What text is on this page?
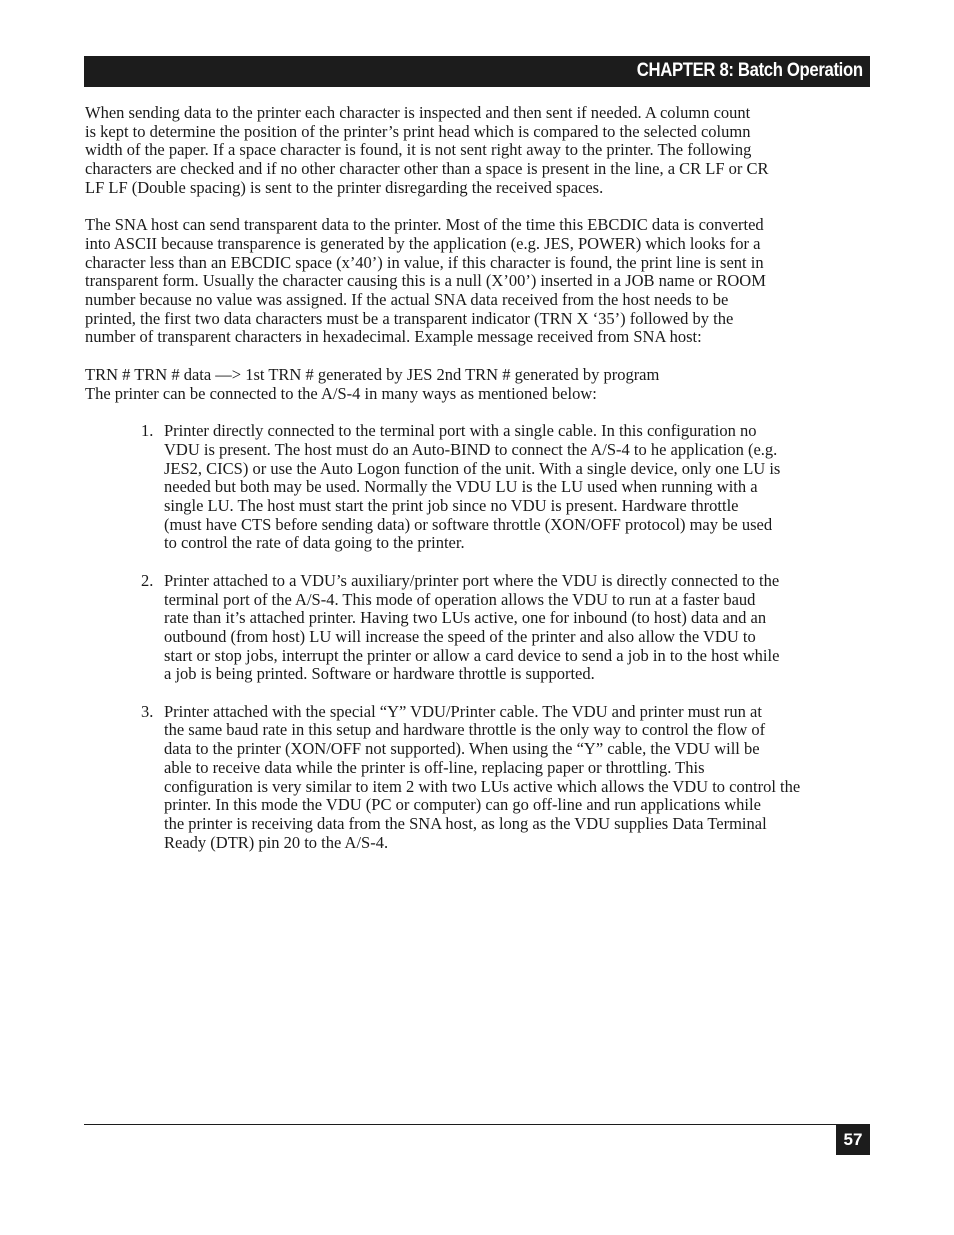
CHAPTER 8: Batch Operation

When sending data to the printer each character is inspected and then sent if needed. A column count
is kept to determine the position of the printer’s print head which is compared to the selected column
width of the paper. If a space character is found, it is not sent right away to the printer. The following
characters are checked and if no other character other than a space is present in the line, a CR LF or CR
LF LF (Double spacing) is sent to the printer disregarding the received spaces.

The SNA host can send transparent data to the printer. Most of the time this EBCDIC data is converted
into ASCII because transparence is generated by the application (e.g. JES, POWER) which looks for a
character less than an EBCDIC space (x’40’) in value, if this character is found, the print line is sent in
transparent form. Usually the character causing this is a null (X’00’) inserted in a JOB name or ROOM
number because no value was assigned. If the actual SNA data received from the host needs to be
printed, the first two data characters must be a transparent indicator (TRN X ‘35’) followed by the
number of transparent characters in hexadecimal. Example message received from SNA host:

TRN # TRN # data —> 1st TRN # generated by JES 2nd TRN # generated by program
The printer can be connected to the A/S-4 in many ways as mentioned below:
1. Printer directly connected to the terminal port with a single cable. In this configuration no
VDU is present. The host must do an Auto-BIND to connect the A/S-4 to he application (e.g.
JES2, CICS) or use the Auto Logon function of the unit. With a single device, only one LU is
needed but both may be used. Normally the VDU LU is the LU used when running with a
single LU. The host must start the print job since no VDU is present. Hardware throttle
(must have CTS before sending data) or software throttle (XON/OFF protocol) may be used
to control the rate of data going to the printer.
2. Printer attached to a VDU’s auxiliary/printer port where the VDU is directly connected to the
terminal port of the A/S-4. This mode of operation allows the VDU to run at a faster baud
rate than it’s attached printer. Having two LUs active, one for inbound (to host) data and an
outbound (from host) LU will increase the speed of the printer and also allow the VDU to
start or stop jobs, interrupt the printer or allow a card device to send a job in to the host while
a job is being printed. Software or hardware throttle is supported.
3. Printer attached with the special “Y” VDU/Printer cable. The VDU and printer must run at
the same baud rate in this setup and hardware throttle is the only way to control the flow of
data to the printer (XON/OFF not supported). When using the “Y” cable, the VDU will be
able to receive data while the printer is off-line, replacing paper or throttling. This
configuration is very similar to item 2 with two LUs active which allows the VDU to control the
printer. In this mode the VDU (PC or computer) can go off-line and run applications while
the printer is receiving data from the SNA host, as long as the VDU supplies Data Terminal
Ready (DTR) pin 20 to the A/S-4.
57
